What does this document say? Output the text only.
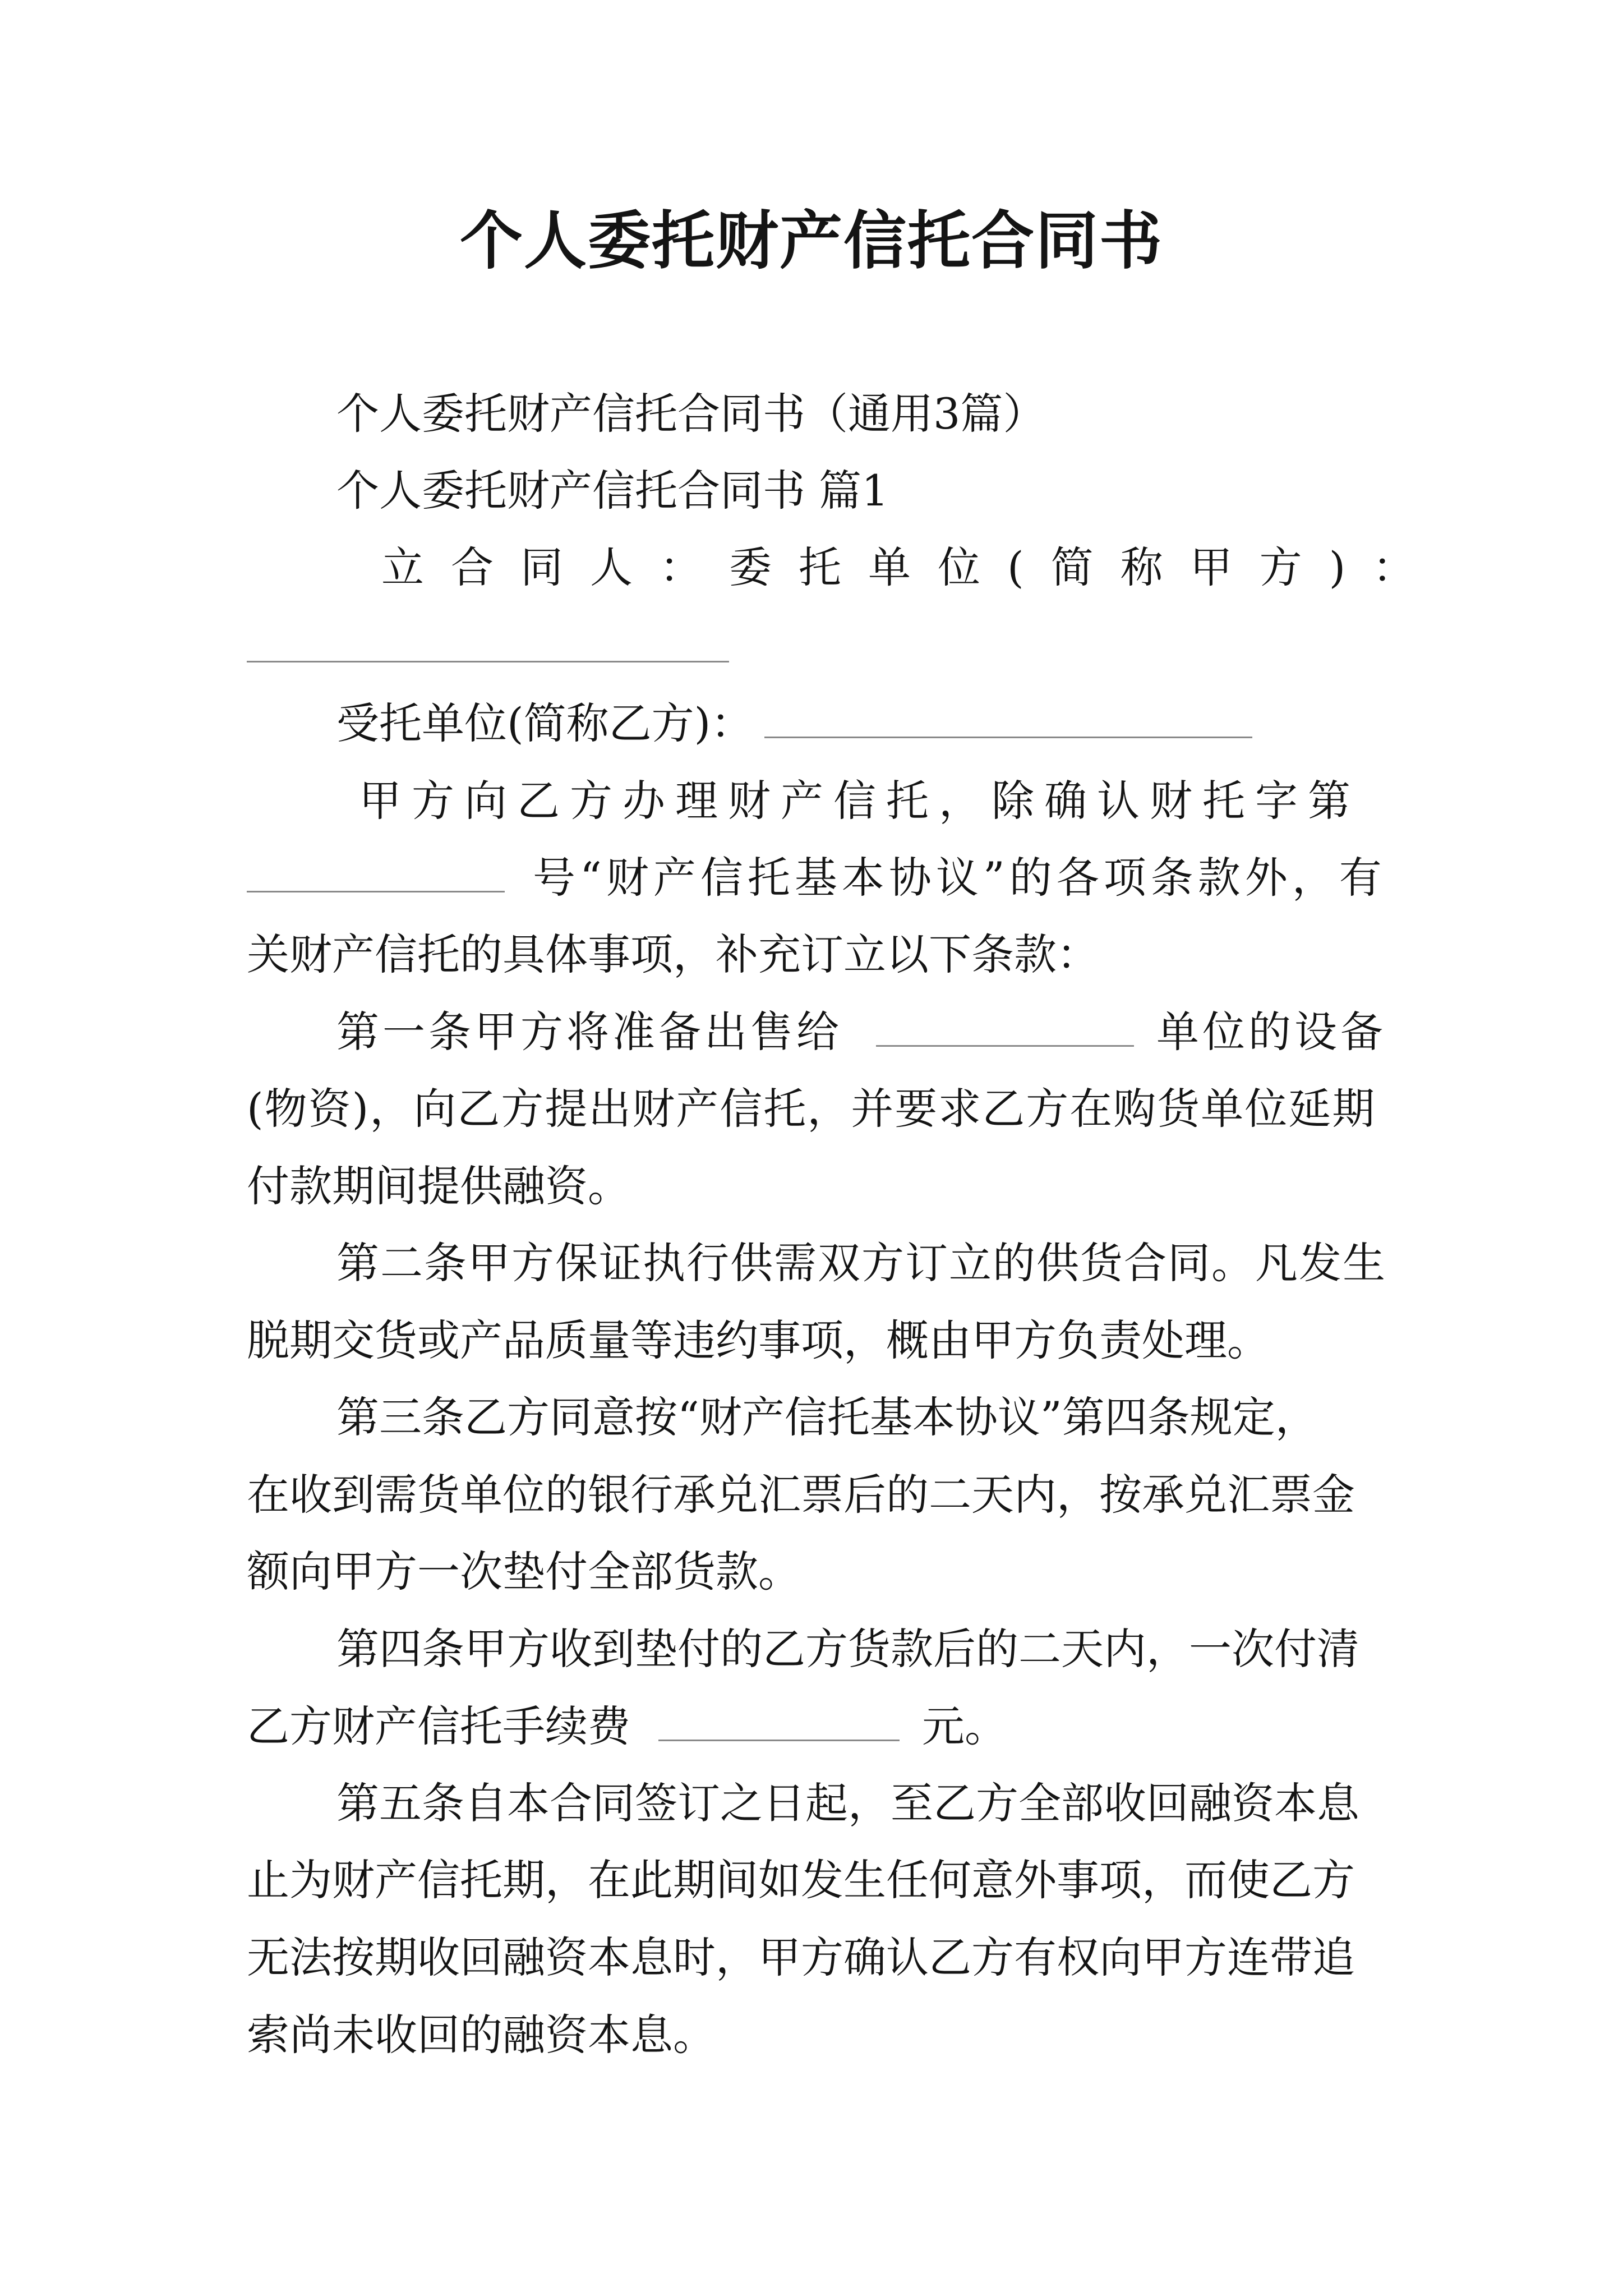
个人委托财产信托合同书
个人委托财产信托合同书（通用3篇）
个人委托财产信托合同书 篇1
立合同人：委托单位(简称甲方)：
受托单位(简称乙方)：
甲方向乙方办理财产信托，除确认财托字第
号“财产信托基本协议”的各项条款外，有
关财产信托的具体事项，补充订立以下条款：
第一条甲方将准备出售给	单位的设备
(物资)，向乙方提出财产信托，并要求乙方在购货单位延期
付款期间提供融资。
第二条甲方保证执行供需双方订立的供货合同。凡发生
脱期交货或产品质量等违约事项，概由甲方负责处理。
第三条乙方同意按“财产信托基本协议”第四条规定，
在收到需货单位的银行承兑汇票后的二天内，按承兑汇票金
额向甲方一次垫付全部货款。
第四条甲方收到垫付的乙方货款后的二天内，一次付清
乙方财产信托手续费	元。
第五条自本合同签订之日起，至乙方全部收回融资本息
止为财产信托期，在此期间如发生任何意外事项，而使乙方
无法按期收回融资本息时，甲方确认乙方有权向甲方连带追
索尚未收回的融资本息。
